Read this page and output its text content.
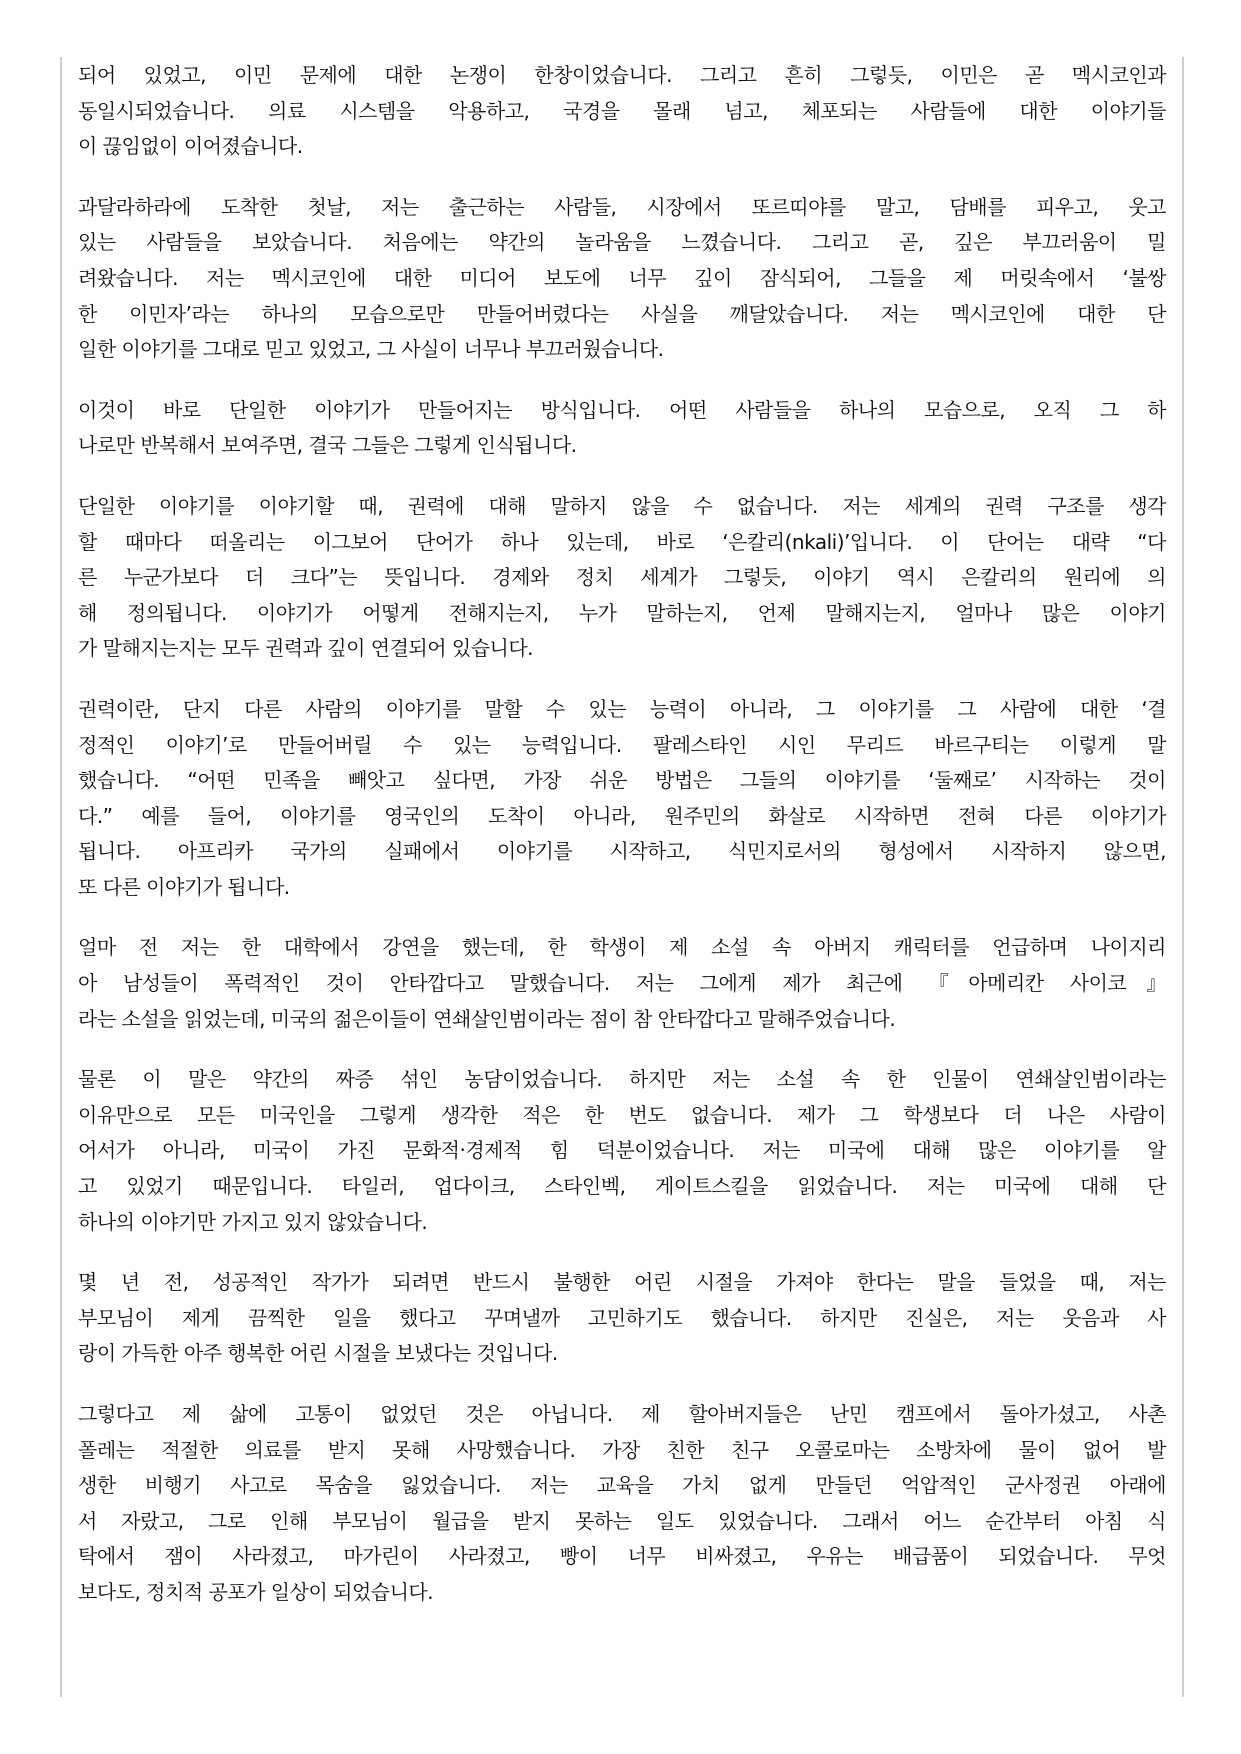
되어 있었고, 이민 문제에 대한 논쟁이 한창이었습니다. 그리고 흔히 그렇듯, 이민은 곧 멕시코인과
동일시되었습니다. 의료 시스템을 악용하고, 국경을 몰래 넘고, 체포되는 사람들에 대한 이야기들
이 끊임없이 이어졌습니다.
과달라하라에 도착한 첫날, 저는 출근하는 사람들, 시장에서 또르띠야를 말고, 담배를 피우고, 웃고
있는 사람들을 보았습니다. 처음에는 약간의 놀라움을 느꼈습니다. 그리고 곧, 깊은 부끄러움이 밀
려왔습니다. 저는 멕시코인에 대한 미디어 보도에 너무 깊이 잠식되어, 그들을 제 머릿속에서 ‘불쌍
한 이민자’라는 하나의 모습으로만 만들어버렸다는 사실을 깨달았습니다. 저는 멕시코인에 대한 단
일한 이야기를 그대로 믿고 있었고, 그 사실이 너무나 부끄러웠습니다.
이것이 바로 단일한 이야기가 만들어지는 방식입니다. 어떤 사람들을 하나의 모습으로, 오직 그 하
나로만 반복해서 보여주면, 결국 그들은 그렇게 인식됩니다.
단일한 이야기를 이야기할 때, 권력에 대해 말하지 않을 수 없습니다. 저는 세계의 권력 구조를 생각
할 때마다 떠올리는 이그보어 단어가 하나 있는데, 바로 ‘은칼리(nkali)’입니다. 이 단어는 대략 “다
른 누군가보다 더 크다”는 뜻입니다. 경제와 정치 세계가 그렇듯, 이야기 역시 은칼리의 원리에 의
해 정의됩니다. 이야기가 어떻게 전해지는지, 누가 말하는지, 언제 말해지는지, 얼마나 많은 이야기
가 말해지는지는 모두 권력과 깊이 연결되어 있습니다.
권력이란, 단지 다른 사람의 이야기를 말할 수 있는 능력이 아니라, 그 이야기를 그 사람에 대한 ‘결
정적인 이야기’로 만들어버릴 수 있는 능력입니다. 팔레스타인 시인 무리드 바르구티는 이렇게 말
했습니다. “어떤 민족을 빼앗고 싶다면, 가장 쉬운 방법은 그들의 이야기를 ‘둘째로’ 시작하는 것이
다.” 예를 들어, 이야기를 영국인의 도착이 아니라, 원주민의 화살로 시작하면 전혀 다른 이야기가
됩니다. 아프리카 국가의 실패에서 이야기를 시작하고, 식민지로서의 형성에서 시작하지 않으면,
또 다른 이야기가 됩니다.
얼마 전 저는 한 대학에서 강연을 했는데, 한 학생이 제 소설 속 아버지 캐릭터를 언급하며 나이지리
아 남성들이 폭력적인 것이 안타깝다고 말했습니다. 저는 그에게 제가 최근에 『아메리칸 사이코』
라는 소설을 읽었는데, 미국의 젊은이들이 연쇄살인범이라는 점이 참 안타깝다고 말해주었습니다.
물론 이 말은 약간의 짜증 섞인 농담이었습니다. 하지만 저는 소설 속 한 인물이 연쇄살인범이라는
이유만으로 모든 미국인을 그렇게 생각한 적은 한 번도 없습니다. 제가 그 학생보다 더 나은 사람이
어서가 아니라, 미국이 가진 문화적·경제적 힘 덕분이었습니다. 저는 미국에 대해 많은 이야기를 알
고 있었기 때문입니다. 타일러, 업다이크, 스타인벡, 게이트스킬을 읽었습니다. 저는 미국에 대해 단
하나의 이야기만 가지고 있지 않았습니다.
몇 년 전, 성공적인 작가가 되려면 반드시 불행한 어린 시절을 가져야 한다는 말을 들었을 때, 저는
부모님이 제게 끔찍한 일을 했다고 꾸며낼까 고민하기도 했습니다. 하지만 진실은, 저는 웃음과 사
랑이 가득한 아주 행복한 어린 시절을 보냈다는 것입니다.
그렇다고 제 삶에 고통이 없었던 것은 아닙니다. 제 할아버지들은 난민 캠프에서 돌아가셨고, 사촌
폴레는 적절한 의료를 받지 못해 사망했습니다. 가장 친한 친구 오콜로마는 소방차에 물이 없어 발
생한 비행기 사고로 목숨을 잃었습니다. 저는 교육을 가치 없게 만들던 억압적인 군사정권 아래에
서 자랐고, 그로 인해 부모님이 월급을 받지 못하는 일도 있었습니다. 그래서 어느 순간부터 아침 식
탁에서 잼이 사라졌고, 마가린이 사라졌고, 빵이 너무 비싸졌고, 우유는 배급품이 되었습니다. 무엇
보다도, 정치적 공포가 일상이 되었습니다.
